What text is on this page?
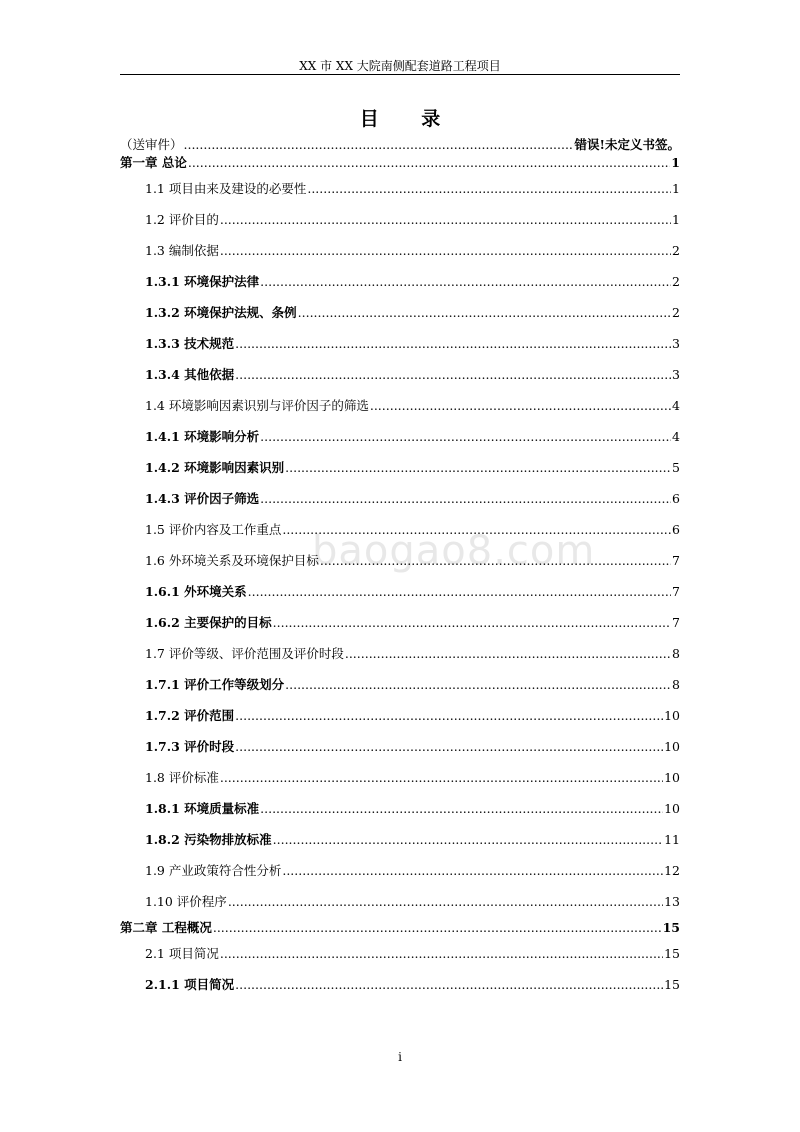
XX 市 XX 大院南侧配套道路工程项目
目 录
baogao8.com
（送审件） .....	错误!未定义书签。
第一章 总论 .....	1
1.1 项目由来及建设的必要性 .....	1
1.2 评价目的 .....	1
1.3 编制依据 .....	2
1.3.1 环境保护法律 .....	2
1.3.2 环境保护法规、条例 .....	2
1.3.3 技术规范 .....	3
1.3.4 其他依据 .....	3
1.4 环境影响因素识别与评价因子的筛选 .....	4
1.4.1 环境影响分析 .....	4
1.4.2 环境影响因素识别 .....	5
1.4.3 评价因子筛选 .....	6
1.5 评价内容及工作重点 .....	6
1.6 外环境关系及环境保护目标 .....	7
1.6.1 外环境关系 .....	7
1.6.2 主要保护的目标 .....	7
1.7 评价等级、评价范围及评价时段 .....	8
1.7.1 评价工作等级划分 .....	8
1.7.2 评价范围 .....	10
1.7.3 评价时段 .....	10
1.8 评价标准 .....	10
1.8.1 环境质量标准 .....	10
1.8.2 污染物排放标准 .....	11
1.9 产业政策符合性分析 .....	12
1.10 评价程序 .....	13
第二章 工程概况 .....	15
2.1 项目简况 .....	15
2.1.1 项目简况 .....	15
i
